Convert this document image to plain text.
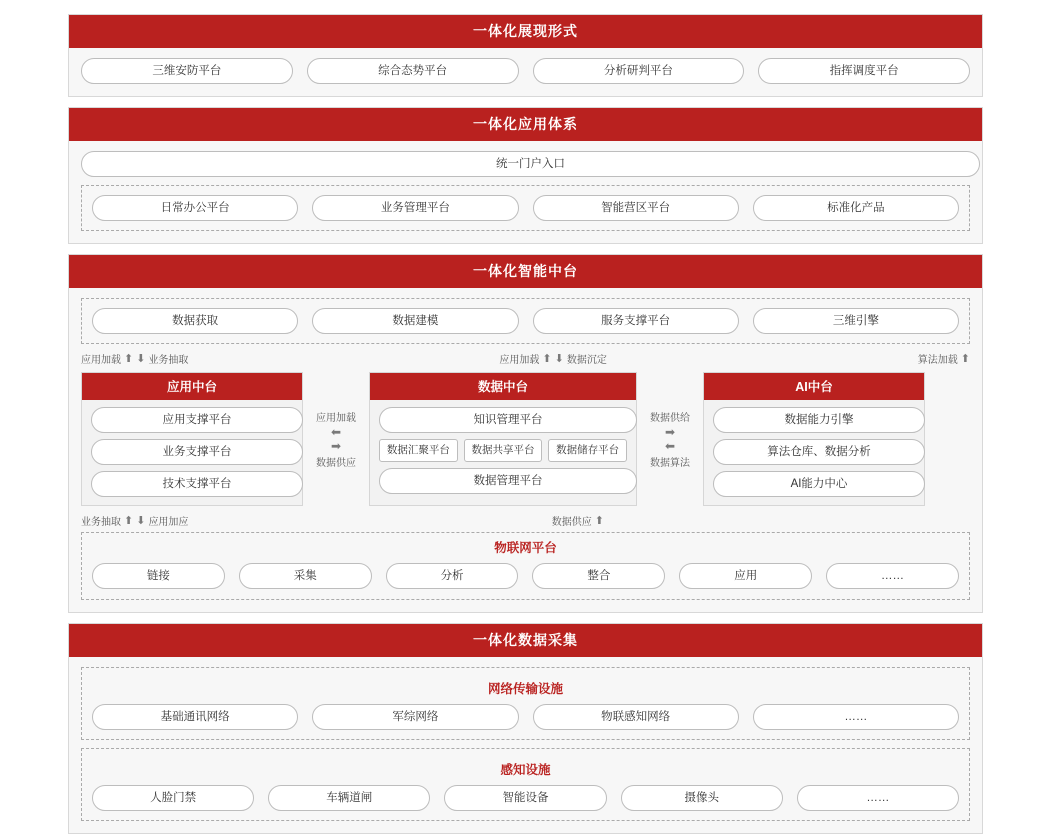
一体化展现形式
三维安防平台	综合态势平台	分析研判平台	指挥调度平台
一体化应用体系
统一门户入口
日常办公平台	业务管理平台	智能营区平台	标准化产品
一体化智能中台
数据获取	数据建模	服务支撑平台	三维引擎
应用加载 ⬆ ⬇ 业务抽取	应用加载 ⬆ ⬇ 数据沉定	算法加载 ⬆
应用中台
应用支撑平台
业务支撑平台
技术支撑平台
应用加载
⬅
➡
数据供应
数据中台
知识管理平台
数据汇聚平台	数据共享平台	数据储存平台
数据管理平台
数据供给
➡
⬅
数据算法
AI中台
数据能力引擎
算法仓库、数据分析
AI能力中心
业务抽取 ⬆ ⬇ 应用加应	数据供应 ⬆
物联网平台
链接	采集	分析	整合	应用	……
一体化数据采集
网络传输设施
基础通讯网络	军综网络	物联感知网络	……
感知设施
人脸门禁	车辆道闸	智能设备	摄像头	……
